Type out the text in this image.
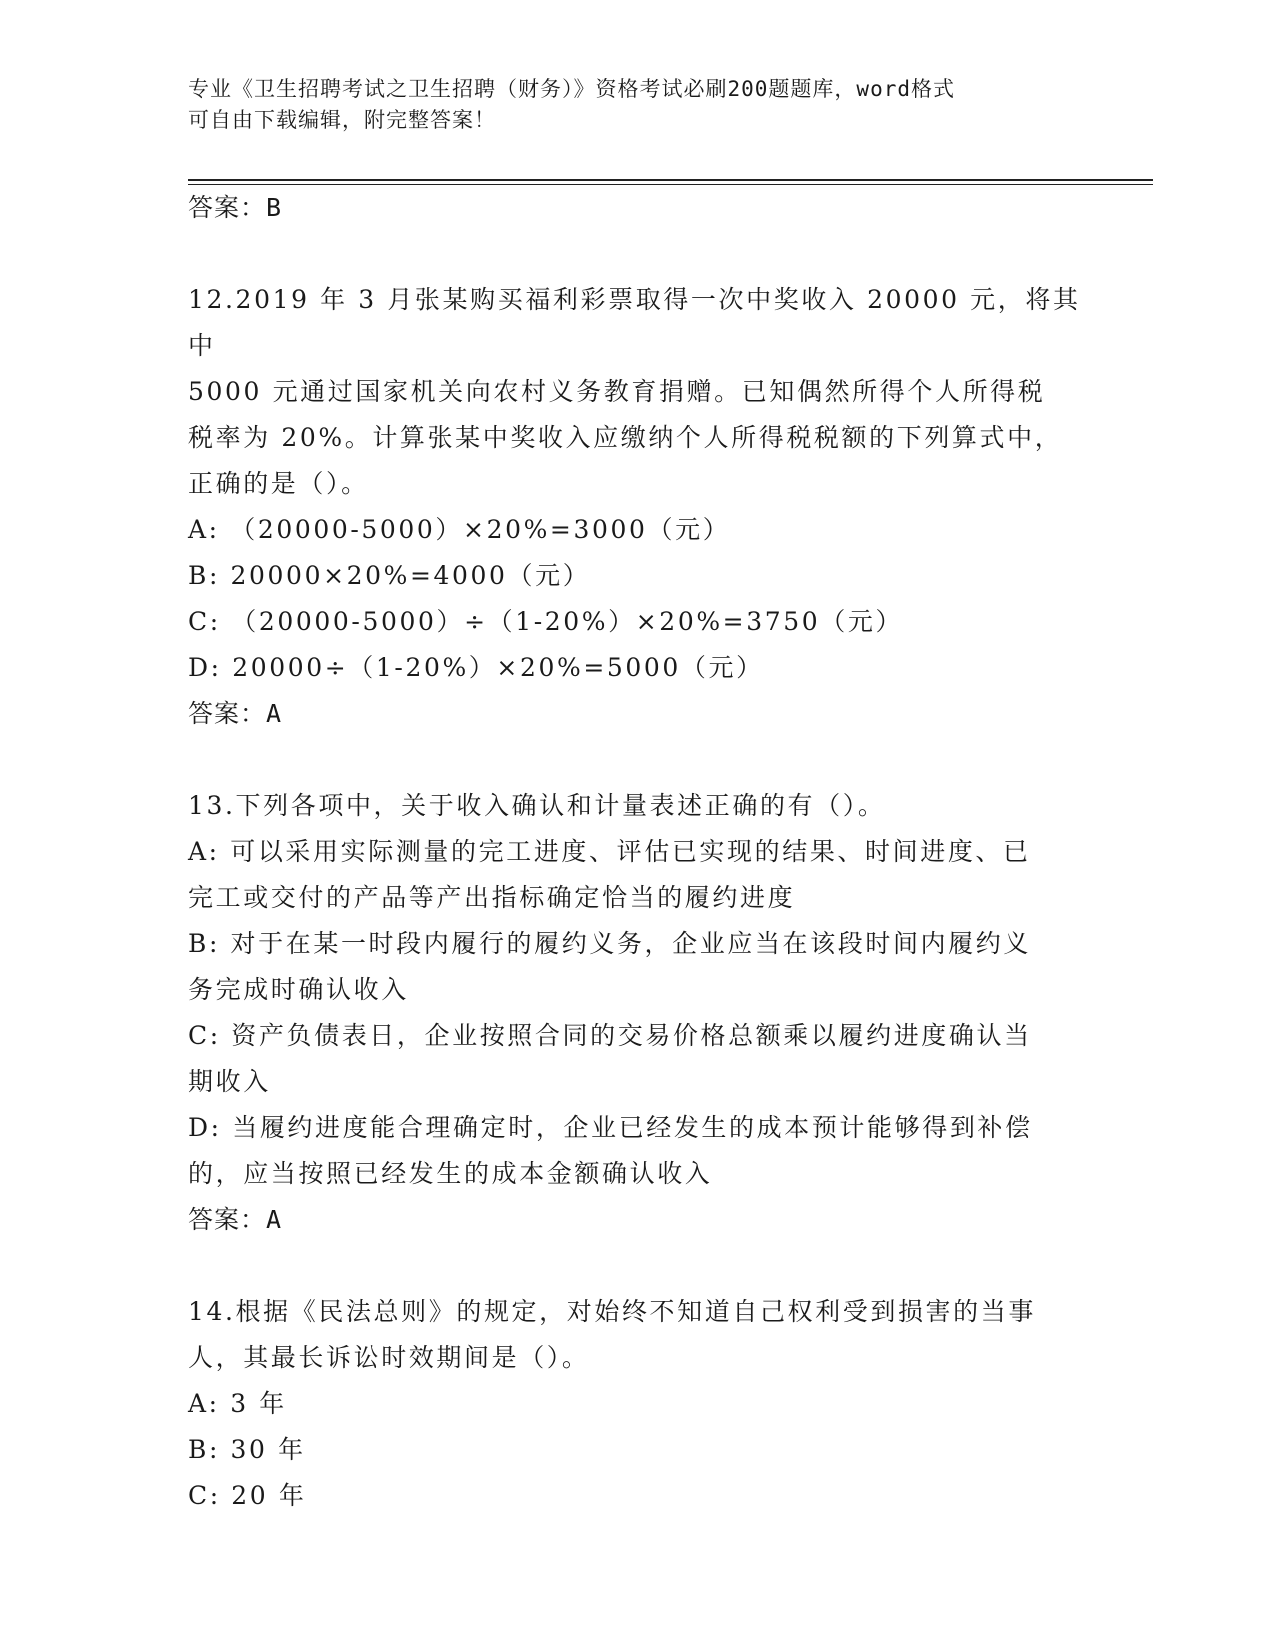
专业《卫生招聘考试之卫生招聘（财务）》资格考试必刷200题题库，word格式
可自由下载编辑，附完整答案！

答案：B

12.2019 年 3 月张某购买福利彩票取得一次中奖收入 20000 元，将其中

5000 元通过国家机关向农村义务教育捐赠。已知偶然所得个人所得税

税率为 20%。计算张某中奖收入应缴纳个人所得税税额的下列算式中，

正确的是（）。

A: （20000-5000）×20%=3000（元）

B: 20000×20%=4000（元）

C: （20000-5000）÷（1-20%）×20%=3750（元）

D: 20000÷（1-20%）×20%=5000（元）

答案：A

13.下列各项中，关于收入确认和计量表述正确的有（）。

A: 可以采用实际测量的完工进度、评估已实现的结果、时间进度、已

完工或交付的产品等产出指标确定恰当的履约进度

B: 对于在某一时段内履行的履约义务，企业应当在该段时间内履约义

务完成时确认收入

C: 资产负债表日，企业按照合同的交易价格总额乘以履约进度确认当

期收入

D: 当履约进度能合理确定时，企业已经发生的成本预计能够得到补偿

的，应当按照已经发生的成本金额确认收入

答案：A

14.根据《民法总则》的规定，对始终不知道自己权利受到损害的当事

人，其最长诉讼时效期间是（）。

A: 3 年

B: 30 年

C: 20 年
